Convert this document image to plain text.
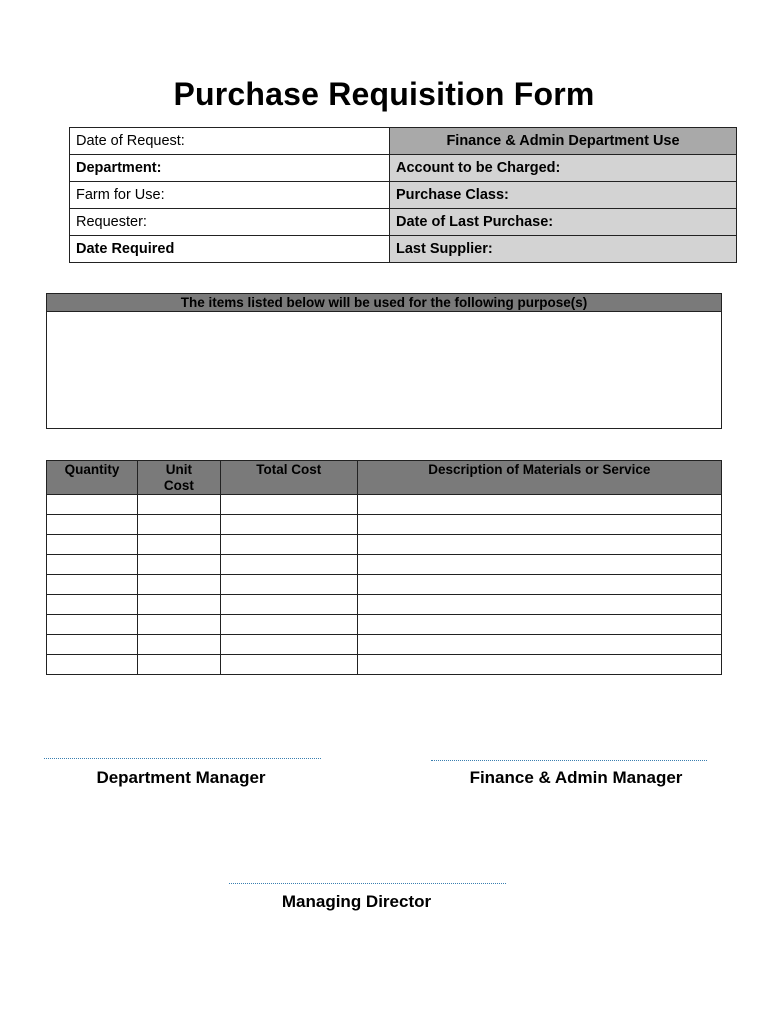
Purchase Requisition Form
Date of Request:	Finance & Admin Department Use
Department:	Account to be Charged:
Farm for Use:	Purchase Class:
Requester:	Date of Last Purchase:
Date Required	Last Supplier:
The items listed below will be used for the following purpose(s)
Quantity	Unit Cost	Total Cost	Description of Materials or Service

Department Manager	Finance & Admin Manager
Managing Director
